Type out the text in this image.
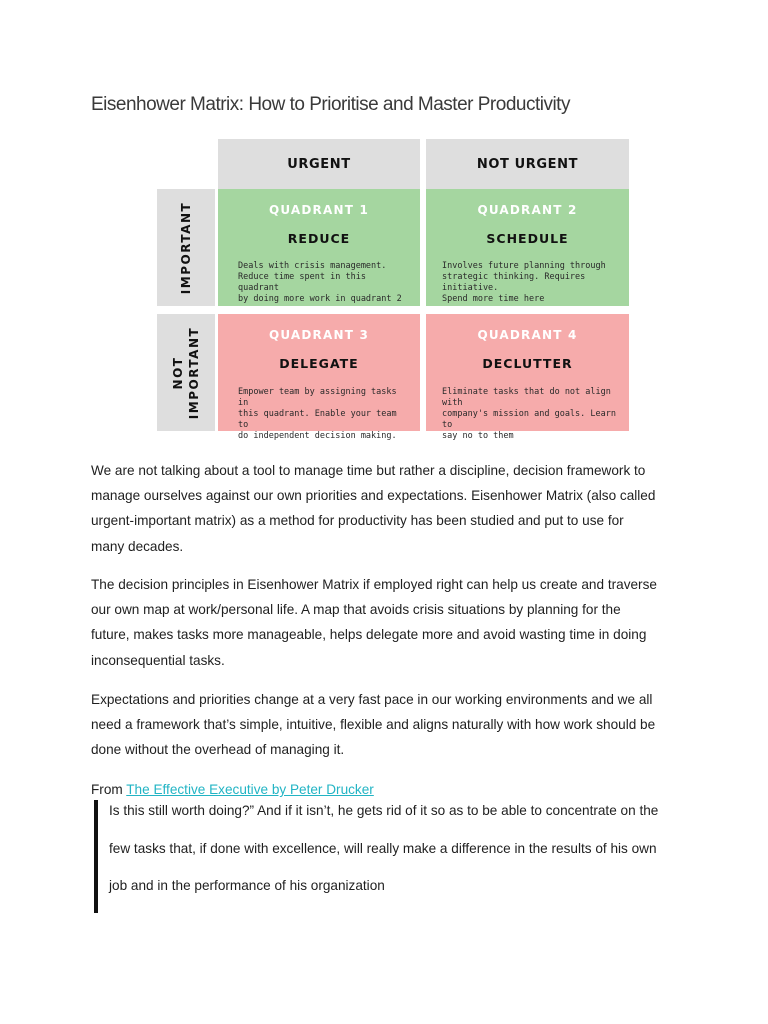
Eisenhower Matrix: How to Prioritise and Master Productivity
URGENT	NOT URGENT
IMPORTANT
NOT IMPORTANT
QUADRANT 1
REDUCE
Deals with crisis management.
Reduce time spent in this quadrant
by doing more work in quadrant 2
QUADRANT 2
SCHEDULE
Involves future planning through
strategic thinking. Requires initiative.
Spend more time here
QUADRANT 3
DELEGATE
Empower team by assigning tasks in
this quadrant. Enable your team to
do independent decision making.
QUADRANT 4
DECLUTTER
Eliminate tasks that do not align with
company's mission and goals. Learn to
say no to them
We are not talking about a tool to manage time but rather a discipline, decision framework to
manage ourselves against our own priorities and expectations. Eisenhower Matrix (also called
urgent-important matrix) as a method for productivity has been studied and put to use for
many decades.
The decision principles in Eisenhower Matrix if employed right can help us create and traverse
our own map at work/personal life. A map that avoids crisis situations by planning for the
future, makes tasks more manageable, helps delegate more and avoid wasting time in doing
inconsequential tasks.
Expectations and priorities change at a very fast pace in our working environments and we all
need a framework that’s simple, intuitive, flexible and aligns naturally with how work should be
done without the overhead of managing it.
From The Effective Executive by Peter Drucker
Is this still worth doing?” And if it isn’t, he gets rid of it so as to be able to concentrate on the
few tasks that, if done with excellence, will really make a difference in the results of his own
job and in the performance of his organization
